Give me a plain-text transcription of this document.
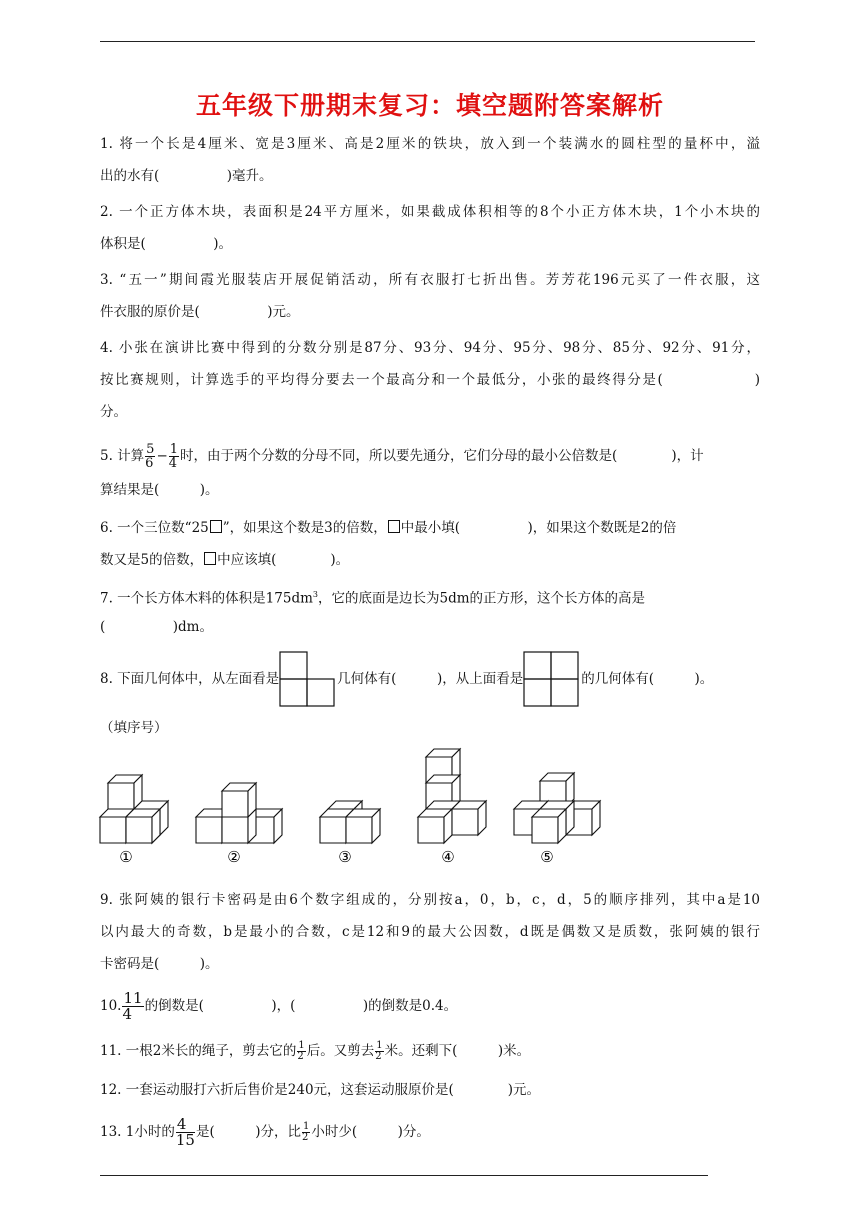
五年级下册期末复习：填空题附答案解析
1. 将一个长是4厘米、宽是3厘米、高是2厘米的铁块，放入到一个装满水的圆柱型的量杯中，溢
出的水有(　　　　　)毫升。
2. 一个正方体木块，表面积是24平方厘米，如果截成体积相等的8个小正方体木块，1个小木块的
体积是(　　　　　)。
3. “五一”期间霞光服装店开展促销活动，所有衣服打七折出售。芳芳花196元买了一件衣服，这
件衣服的原价是(　　　　　)元。
4. 小张在演讲比赛中得到的分数分别是87分、93分、94分、95分、98分、85分、92分、91分，
按比赛规则，计算选手的平均得分要去一个最高分和一个最低分，小张的最终得分是(　　　　　　)
分。
5. 计算 $\frac{5}{6} - \frac{1}{4}$ 时，由于两个分数的分母不同，所以要先通分，它们分母的最小公倍数是(　　　　)，计
算结果是(　　　)。
6. 一个三位数“25 ”，如果这个数是3的倍数， 中最小填(　　　　　)，如果这个数既是2的倍
数又是5的倍数， 中应该填(　　　　)。
7. 一个长方体木料的体积是$175dm^3$，它的底面是边长为5dm的正方形，这个长方体的高是
(　　　　　)dm。
8. 下面几何体中，从左面看是	几何体有(　　　)，从上面看是	的几何体有(　　　)。
（填序号）
①	②	③	④	⑤
9. 张阿姨的银行卡密码是由6个数字组成的，分别按a，0，b，c，d，5的顺序排列，其中a是10
以内最大的奇数，b是最小的合数，c是12和9的最大公因数，d既是偶数又是质数，张阿姨的银行
卡密码是(　　　)。
10. $\frac{11}{4}$ 的倒数是(　　　　　)，(　　　　　)的倒数是0.4。
11. 一根2米长的绳子，剪去它的 $\frac{1}{2}$ 后。又剪去 $\frac{1}{2}$ 米。还剩下(　　　)米。
12. 一套运动服打六折后售价是240元，这套运动服原价是(　　　　)元。
13. 1小时的 $\frac{4}{15}$ 是(　　　)分，比 $\frac{1}{2}$ 小时少(　　　)分。
